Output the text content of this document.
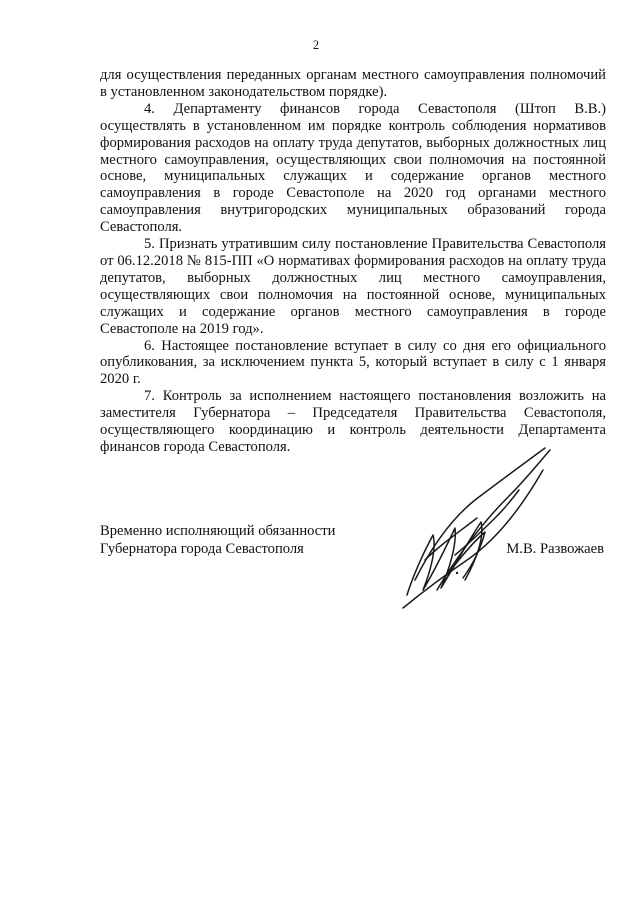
2

для осуществления переданных органам местного самоуправления полномочий в установленном законодательством порядке).

4. Департаменту финансов города Севастополя (Штоп В.В.) осуществлять в установленном им порядке контроль соблюдения нормативов формирования расходов на оплату труда депутатов, выборных должностных лиц местного самоуправления, осуществляющих свои полномочия на постоянной основе, муниципальных служащих и содержание органов местного самоуправления в городе Севастополе на 2020 год органами местного самоуправления внутригородских муниципальных образований города Севастополя.

5. Признать утратившим силу постановление Правительства Севастополя от 06.12.2018 № 815-ПП «О нормативах формирования расходов на оплату труда депутатов, выборных должностных лиц местного самоуправления, осуществляющих свои полномочия на постоянной основе, муниципальных служащих и содержание органов местного самоуправления в городе Севастополе на 2019 год».

6. Настоящее постановление вступает в силу со дня его официального опубликования, за исключением пункта 5, который вступает в силу с 1 января 2020 г.

7. Контроль за исполнением настоящего постановления возложить на заместителя Губернатора – Председателя Правительства Севастополя, осуществляющего координацию и контроль деятельности Департамента финансов города Севастополя.

Временно исполняющий обязанности
Губернатора города Севастополя	М.В. Развожаев
